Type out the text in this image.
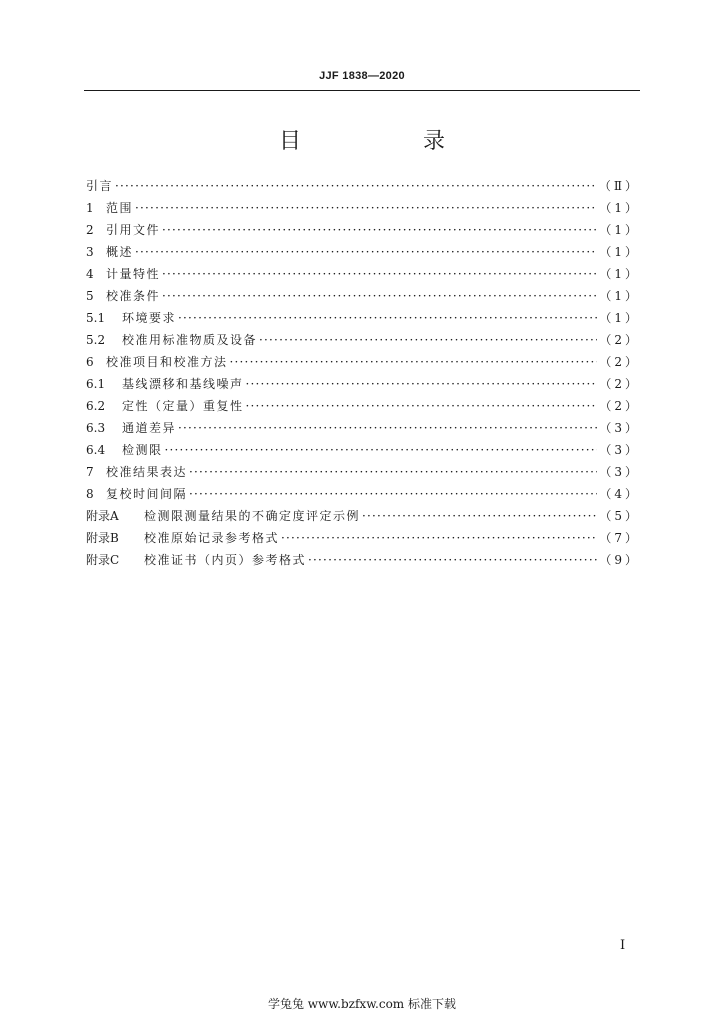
JJF 1838—2020
目　录
引言 ·····	（Ⅱ）
1	范围 ·····	（1）
2	引用文件 ·····	（1）
3	概述 ·····	（1）
4	计量特性 ·····	（1）
5	校准条件 ·····	（1）
5.1	环境要求 ·····	（1）
5.2	校准用标准物质及设备 ·····	（2）
6	校准项目和校准方法 ·····	（2）
6.1	基线漂移和基线噪声 ·····	（2）
6.2	定性（定量）重复性 ·····	（2）
6.3	通道差异 ·····	（3）
6.4	检测限 ·····	（3）
7	校准结果表达 ·····	（3）
8	复校时间间隔 ·····	（4）
附录A	检测限测量结果的不确定度评定示例 ·····	（5）
附录B	校准原始记录参考格式 ·····	（7）
附录C	校准证书（内页）参考格式 ·····	（9）
Ⅰ
学兔兔 www.bzfxw.com 标准下载
